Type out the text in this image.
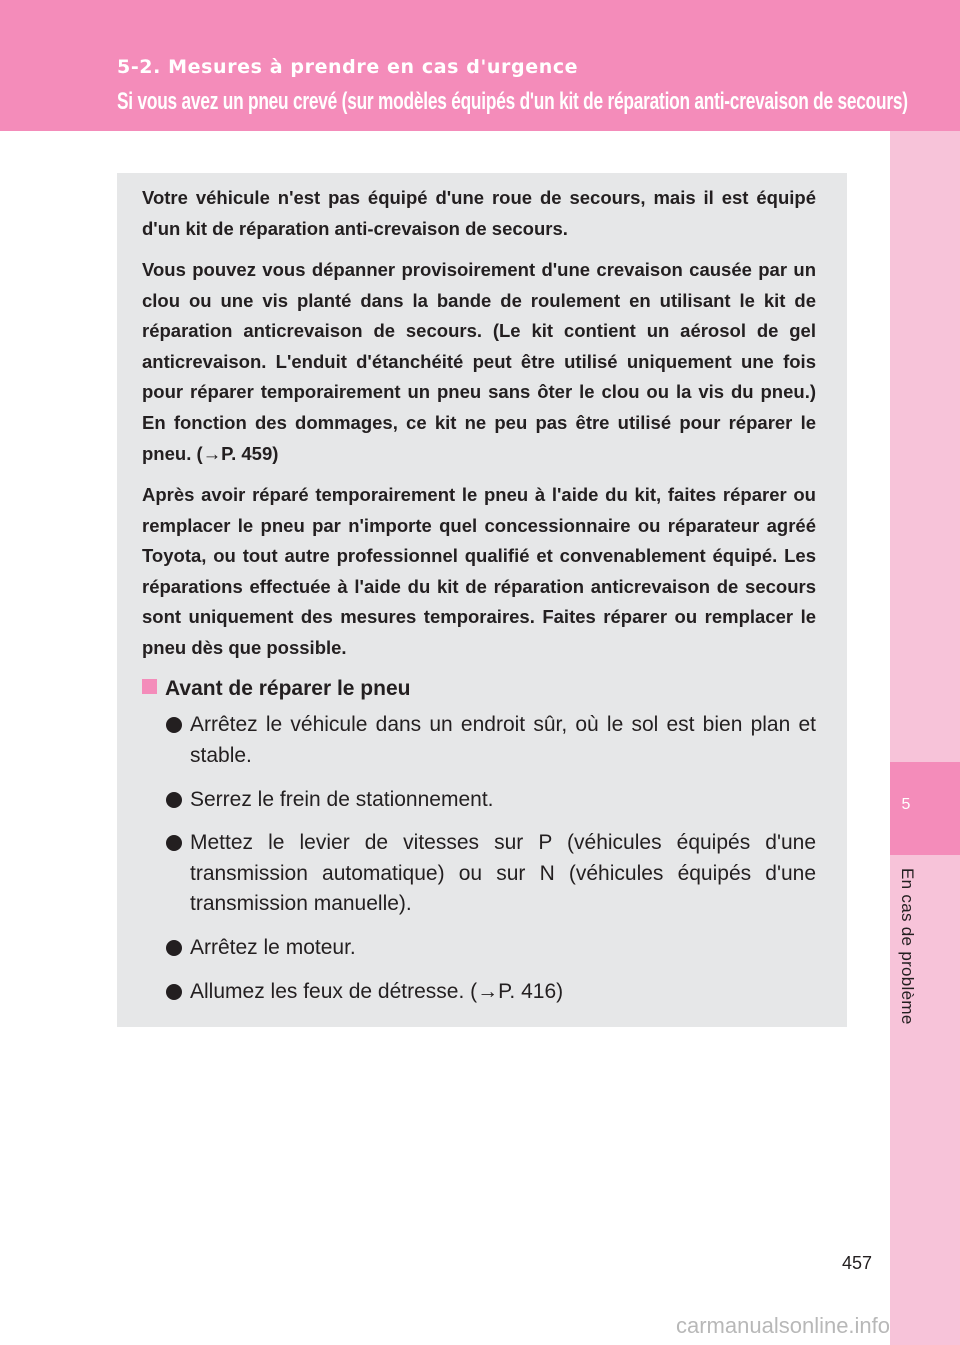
5-2. Mesures à prendre en cas d'urgence
Si vous avez un pneu crevé (sur modèles équipés d'un kit de réparation anti-crevaison de secours)
5
En cas de problème

Votre véhicule n'est pas équipé d'une roue de secours, mais il est équipé d'un kit de réparation anti-crevaison de secours.

Vous pouvez vous dépanner provisoirement d'une crevaison causée par un clou ou une vis planté dans la bande de roulement en utilisant le kit de réparation anticrevaison de secours. (Le kit contient un aérosol de gel anticrevaison. L'enduit d'étanchéité peut être utilisé uniquement une fois pour réparer temporairement un pneu sans ôter le clou ou la vis du pneu.) En fonction des dommages, ce kit ne peu pas être utilisé pour réparer le pneu. (→P. 459)

Après avoir réparé temporairement le pneu à l'aide du kit, faites réparer ou remplacer le pneu par n'importe quel concessionnaire ou réparateur agréé Toyota, ou tout autre professionnel qualifié et convenablement équipé. Les réparations effectuée à l'aide du kit de réparation anticrevaison de secours sont uniquement des mesures temporaires. Faites réparer ou remplacer le pneu dès que possible.

Avant de réparer le pneu

Arrêtez le véhicule dans un endroit sûr, où le sol est bien plan et stable.

Serrez le frein de stationnement.

Mettez le levier de vitesses sur P (véhicules équipés d'une transmission automatique) ou sur N (véhicules équipés d'une transmission manuelle).

Arrêtez le moteur.

Allumez les feux de détresse. (→P. 416)

457
carmanualsonline.info
